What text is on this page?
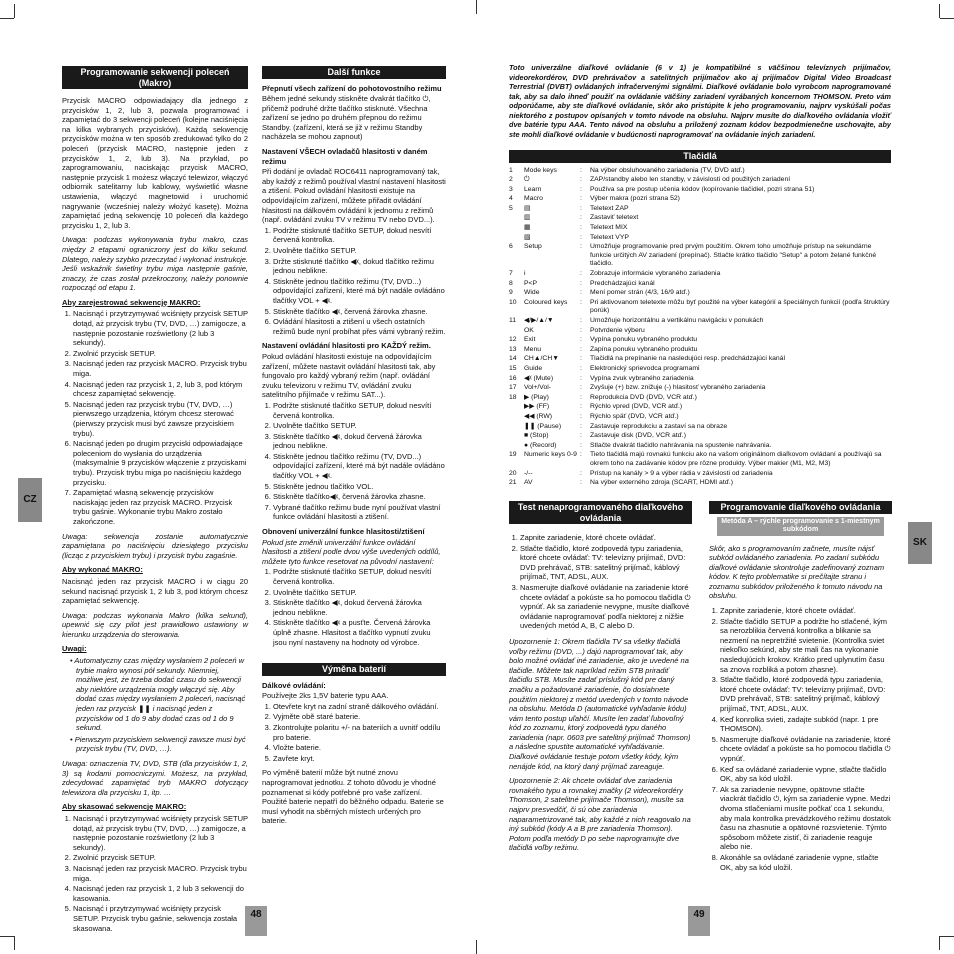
CZ
SK
Programowanie sekwencji poleceń (Makro)

Przycisk MACRO odpowiadający dla jednego z przycisków 1, 2, lub 3, pozwala programować i zapamiętać do 3 sekwencji poleceń (kolejne naciśnięcia na kilka wybranych przycisków). Każdą sekwencję przycisków można w ten sposób zredukować tylko do 2 poleceń (przycisk MACRO, następnie jeden z przycisków 1, 2, lub 3). Na przykład, po zaprogramowaniu, naciskając przycisk MACRO, następnie przycisk 1 możesz włączyć telewizor, włączyć odbiornik satelitarny lub kablowy, wyświetlić własne ustawienia, włączyć magnetowid i uruchomić nagrywanie (wcześniej należy włożyć kasetę). Można zapamiętać jedną sekwencję 10 poleceń dla każdego przycisku 1, 2, lub 3.

Uwaga: podczas wykonywania trybu makro, czas między 2 etapami ograniczony jest do kilku sekund. Dlatego, należy szybko przeczytać i wykonać instrukcje. Jeśli wskaźnik świetlny trybu miga następnie gaśnie, znaczy, że czas został przekroczony, należy ponownie rozpocząć od etapu 1.

Aby zarejestrować sekwencję MAKRO:

1. Nacisnąć i przytrzymywać wciśnięty przycisk SETUP dotąd, aż przycisk trybu (TV, DVD, …) zamigocze, a następnie pozostanie rozświetlony (2 lub 3 sekundy).
2. Zwolnić przycisk SETUP.
3. Nacisnąć jeden raz przycisk MACRO. Przycisk trybu miga.
4. Nacisnąć jeden raz przycisk 1, 2, lub 3, pod którym chcesz zapamiętać sekwencję.
5. Nacisnąć jeden raz przycisk trybu (TV, DVD, …) pierwszego urządzenia, którym chcesz sterować (pierwszy przycisk musi być zawsze przyciskiem trybu).
6. Nacisnąć jeden po drugim przyciski odpowiadające poleceniom do wysłania do urządzenia (maksymalnie 9 przycisków włączenie z przyciskami trybu). Przycisk trybu miga po naciśnięciu każdego przycisku.
7. Zapamiętać własną sekwencję przycisków naciskając jeden raz przycisk MACRO. Przycisk trybu gaśnie. Wykonanie trybu Makro zostało zakończone.

Uwaga: sekwencja zostanie automatycznie zapamiętana po naciśnięciu dziesiątego przycisku (licząc z przyciskiem trybu) i przycisk trybu zagaśnie.

Aby wykonać MAKRO:

Nacisnąć jeden raz przycisk MACRO i w ciągu 20 sekund nacisnąć przycisk 1, 2 lub 3, pod którym chcesz zapamiętać sekwencję.

Uwaga: podczas wykonania Makro (kilka sekund), upewnić się czy pilot jest prawidłowo ustawiony w kierunku urządzenia do sterowania.

Uwagi:

• Automatyczny czas między wysłaniem 2 poleceń w trybie makro wynosi pół sekundy. Niemniej, możliwe jest, że trzeba dodać czasu do sekwencji aby niektóre urządzenia mogły włączyć się. Aby dodać czas między wysłaniem 2 poleceń, nacisnąć jeden raz przycisk ❚❚ i nacisnąć jeden z przycisków od 1 do 9 aby dodać czas od 1 do 9 sekund.
• Pierwszym przyciskiem sekwencji zawsze musi być przycisk trybu (TV, DVD, …).

Uwaga: oznaczenia TV, DVD, STB (dla przycisków 1, 2, 3) są kodami pomocniczymi. Możesz, na przykład, zdecydować zapamiętać tryb MAKRO dotyczący telewizora dla przycisku 1, itp. …

Aby skasować sekwencję MAKRO:

1. Nacisnąć i przytrzymywać wciśnięty przycisk SETUP dotąd, aż przycisk trybu (TV, DVD, …) zamigocze, a następnie pozostanie rozświetlony (2 lub 3 sekundy).
2. Zwolnić przycisk SETUP.
3. Nacisnąć jeden raz przycisk MACRO. Przycisk trybu miga.
4. Nacisnąć jeden raz przycisk 1, 2 lub 3 sekwencji do kasowania.
5. Nacisnąć i przytrzymywać wciśnięty przycisk SETUP. Przycisk trybu gaśnie, sekwencja została skasowana.
Další funkce

Přepnutí všech zařízení do pohotovostního režimu

Během jedné sekundy stiskněte dvakrát tlačítko ⏻, přičemž podruhé držte tlačítko stisknuté. Všechna zařízení se jedno po druhém přepnou do režimu Standby. (zařízení, která se již v režimu Standby nacházela se mohou zapnout)

Nastavení VŠECH ovladačů hlasitosti v daném režimu

Při dodání je ovladač ROC6411 naprogramovaný tak, aby každý z režimů používal vlastní nastavení hlasitosti a ztišení. Pokud ovládání hlasitosti existuje na odpovídajícím zařízení, můžete přiřadit ovládání hlasitosti na dálkovém ovládání k jednomu z režimů (např. ovládání zvuku TV v režimu TV nebo DVD...).

1. Podržte stisknuté tlačítko SETUP, dokud nesvítí červená kontrolka.
2. Uvolněte tlačítko SETUP.
3. Držte stisknuté tlačítko ◀ᵡ, dokud tlačítko režimu jednou neblikne.
4. Stiskněte jednou tlačítko režimu (TV, DVD...) odpovídající zařízení, které má být nadále ovládáno tlačítky VOL + ◀ᵡ.
5. Stiskněte tlačítko ◀ᵡ, červená žárovka zhasne.
6. Ovládání hlasitosti a ztišení u všech ostatních režimů bude nyní probíhat přes vámi vybraný režim.

Nastavení ovládání hlasitosti pro KAŽDÝ režim.

Pokud ovládání hlasitosti existuje na odpovídajícím zařízení, můžete nastavit ovládání hlasitosti tak, aby fungovalo pro každý vybraný režim (např. ovládání zvuku televizoru v režimu TV, ovládání zvuku satelitního přijímače v režimu SAT...).

1. Podržte stisknuté tlačítko SETUP, dokud nesvítí červená kontrolka.
2. Uvolněte tlačítko SETUP.
3. Stiskněte tlačítko ◀ᵡ, dokud červená žárovka jednou neblikne.
4. Stiskněte jednou tlačítko režimu (TV, DVD...) odpovídající zařízení, které má být nadále ovládáno tlačítky VOL + ◀ᵡ.
5. Stiskněte jednou tlačítko VOL.
6. Stiskněte tlačítko◀ᵡ, červená žárovka zhasne.
7. Vybrané tlačítko režimu bude nyní používat vlastní funkce ovládání hlasitosti a ztišení.

Obnovení univerzální funkce hlasitosti/ztišení

Pokud jste změnili univerzální funkce ovládání hlasitosti a ztišení podle dvou výše uvedených oddílů, můžete tyto funkce resetovat na původní nastavení:

1. Podržte stisknuté tlačítko SETUP, dokud nesvítí červená kontrolka.
2. Uvolněte tlačítko SETUP.
3. Stiskněte tlačítko ◀ᵡ, dokud červená žárovka jednou neblikne.
4. Stiskněte tlačítko ◀ᵡ a pusťte. Červená žárovka úplně zhasne. Hlasitost a tlačítko vypnutí zvuku jsou nyní nastaveny na hodnoty od výrobce.
Výměna baterií

Dálkové ovládání:

Používejte 2ks 1,5V baterie typu AAA.

1. Otevřete kryt na zadní straně dálkového ovládání.
2. Vyjměte obě staré baterie.
3. Zkontrolujte polaritu +/- na bateriích a uvnitř oddílu pro baterie.
4. Vložte baterie.
5. Zavřete kryt.

Po výměně baterií může být nutné znovu naprogramovat jednotku. Z tohoto důvodu je vhodné poznamenat si kódy potřebné pro vaše zařízení. Použité baterie nepatří do běžného odpadu. Baterie se musí vyhodit na sběrných místech určených pro baterie.

Toto univerzálne diaľkové ovládanie (6 v 1) je kompatibilné s väčšinou televíznych prijímačov, videorekordérov, DVD prehrávačov a satelitných prijímačov ako aj prijímačov Digital Video Broadcast Terrestrial (DVBT) ovládaných infračervenými signálmi. Diaľkové ovládanie bolo vyrobcom naprogramované tak, aby sa dalo ihneď použiť na ovládanie väčšiny zariadení vyrábaných koncernom THOMSON. Preto vám odporúčame, aby ste diaľkové ovládanie, skôr ako pristúpite k jeho programovaniu, najprv vyskúšali počas niektorého z postupov opísaných v tomto návode na obsluhu. Najprv musíte do diaľkového ovládania vložiť dve batérie typu AAA. Tento návod na obsluhu a priložený zoznam kódov bezpodmienečne uschovajte, aby ste mohli diaľkové ovládanie v budúcnosti naprogramovať na ovládanie iných zariadení.
Tlačidlá
1	Mode keys	:	Na výber obsluhovaného zariadenia (TV, DVD atď.)
2	⏻	:	ZAP/standby alebo len standby, v závislosti od použitých zariadení
3	Learn	:	Používa sa pre postup učenia kódov (kopírovanie tlačidiel, pozri strana 51)
4	Macro	:	Výber makra (pozri strana 52)
5	▤	:	Teletext ZAP
	▥	:	Zastaviť teletext
	▦	:	Teletext MIX
	▧	:	Teletext VYP
6	Setup	:	Umožňuje programovanie pred prvým použitím. Okrem toho umožňuje prístup na sekundárne funkcie určitých AV zariadení (prepínač). Stlačte krátko tlačidlo "Setup" a potom želané funkčné tlačidlo.
7	i	:	Zobrazuje informácie vybraného zariadenia
8	P<P	:	Predchádzajúci kanál
9	Wide	:	Mení pomer strán (4/3, 16/9 atď.)
10	Coloured keys	:	Pri aktivovanom teletexte môžu byť použité na výber kategórií a špeciálnych funkcií (podľa štruktúry porúk)
11	◀/▶/▲/▼	:	Umožňuje horizontálnu a vertikálnu navigáciu v ponukách
	OK	:	Potvrdenie výberu
12	Exit	:	Vypína ponuku vybraného produktu
13	Menu	:	Zapína ponuku vybraného produktu
14	CH▲/CH▼	:	Tlačidlá na prepínanie na nasledujúci resp. predchádzajúci kanál
15	Guide	:	Elektronický sprievodca programami
16	◀ᵡ (Mute)	:	Vypína zvuk vybraného zariadenia
17	Vol+/Vol-	:	Zvyšuje (+) bzw. znižuje (-) hlasitosť vybraného zariadenia
18	▶ (Play)	:	Reprodukcia DVD (DVD, VCR atď.)
	▶▶ (FF)	:	Rýchlo vpred (DVD, VCR atď.)
	◀◀ (RW)	:	Rýchlo späť (DVD, VCR atď.)
	❚❚ (Pause)	:	Zastavuje reprodukciu a zastaví sa na obraze
	■ (Stop)	:	Zastavuje disk (DVD, VCR atď.)
	● (Record)	:	Stlačte dvakrát tlačidlo nahrávania na spustenie nahrávania.
19	Numeric keys 0-9	:	Tieto tlačidlá majú rovnakú funkciu ako na vašom originálnom diaľkovom ovládaní a používajú sa okrem toho na zadávanie kódov pre rôzne produkty. Výber makier (M1, M2, M3)
20	-/--	:	Prístup na kanály > 9 a výber rádia v závislosti od zariadenia
21	AV	:	Na výber externého zdroja (SCART, HDMI atď.)
Test nenaprogramovaného diaľkového ovládania
1. Zapnite zariadenie, ktoré chcete ovládať.
2. Stlačte tlačidlo, ktoré zodpovedá typu zariadenia, ktoré chcete ovládať: TV: televízny prijímač, DVD: DVD prehrávač, STB: satelitný prijímač, káblový prijímač, TNT, ADSL, AUX.
3. Nasmerujte diaľkové ovládanie na zariadenie ktoré chcete ovládať a pokúste sa ho pomocou tlačidla ⏻ vypnúť. Ak sa zariadenie nevypne, musíte diaľkové ovládanie naprogramovať podľa niektorej z nižšie uvedených metód A, B, C alebo D.

Upozornenie 1: Okrem tlačidla TV sa všetky tlačidlá voľby režimu (DVD, ...) dajú naprogramovať tak, aby bolo možné ovládať iné zariadenie, ako je uvedené na tlačidle. Môžete tak napríklad režim STB priradiť tlačidlu STB. Musíte zadať príslušný kód pre daný značku a požadované zariadenie, čo dosiahnete použitím niektorej z metód uvedených v tomto návode na obsluhu. Metóda D (automatické vyhľadanie kódu) vám tento postup uľahčí. Musíte len zadať ľubovoľný kód zo zoznamu, ktorý zodpovedá typu daného zariadenia (napr. 0603 pre satelitný prijímač Thomson) a následne spustite automatické vyhľadávanie. Diaľkové ovládanie testuje potom všetky kódy, kým nenájde kód, na ktorý daný prijímač zareaguje.

Upozornenie 2: Ak chcete ovládať dve zariadenia rovnakého typu a rovnakej značky (2 videorekordéry Thomson, 2 satelitné prijímače Thomson), musíte sa najprv presvedčiť, či sú obe zariadenia naparametrizované tak, aby každé z nich reagovalo na iný subkód (kódy A a B pre zariadenia Thomson). Potom podľa metódy D po sebe naprogramujte dve tlačidlá voľby režimu.

Programovanie diaľkového ovládania
Metóda A – rýchle programovanie s 1-miestnym subkódom

Skôr, ako s programovaním začnete, musíte nájsť subkód ovládaného zariadenia. Po zadaní subkódu diaľkové ovládanie skontroluje zadefinovaný zoznam kódov. K tejto problematike si prečítajte stranu i zoznamu subkódov priloženého k tomuto návodu na obsluhu.

1. Zapnite zariadenie, ktoré chcete ovládať.
2. Stlačte tlačidlo SETUP a podržte ho stlačené, kým sa nerozblikia červená kontrolka a blikanie sa nezmení na nepretržité svietenie. (Kontrolka sviet niekoľko sekúnd, aby ste mali čas na vykonanie nasledujúcich krokov. Krátko pred uplynutím času sa znova rozbliká a potom zhasne).
3. Stlačte tlačidlo, ktoré zodpovedá typu zariadenia, ktoré chcete ovládať: TV: televízny prijímač, DVD: DVD prehrávač, STB: satelitný prijímač, káblový prijímač, TNT, ADSL, AUX.
4. Keď konrolka svieti, zadajte subkód (napr. 1 pre THOMSON).
5. Nasmerujte diaľkové ovládanie na zariadenie, ktoré chcete ovládať a pokúste sa ho pomocou tlačidla ⏻ vypnúť.
6. Keď sa ovládané zariadenie vypne, stlačte tlačidlo OK, aby sa kód uložil.
7. Ak sa zariadenie nevypne, opätovne stlačte viackrát tlačidlo ⏻, kým sa zariadenie vypne. Medzi dvoma stlačeniami musíte počkať cca 1 sekundu, aby mala kontrolka prevádzkového režimu dostatok času na zhasnutie a opätovné rozsvietenie. Týmto spôsobom môžete zistiť, či zariadenie reaguje alebo nie.
8. Akonáhle sa ovládané zariadenie vypne, stlačte OK, aby sa kód uložil.
48	49
